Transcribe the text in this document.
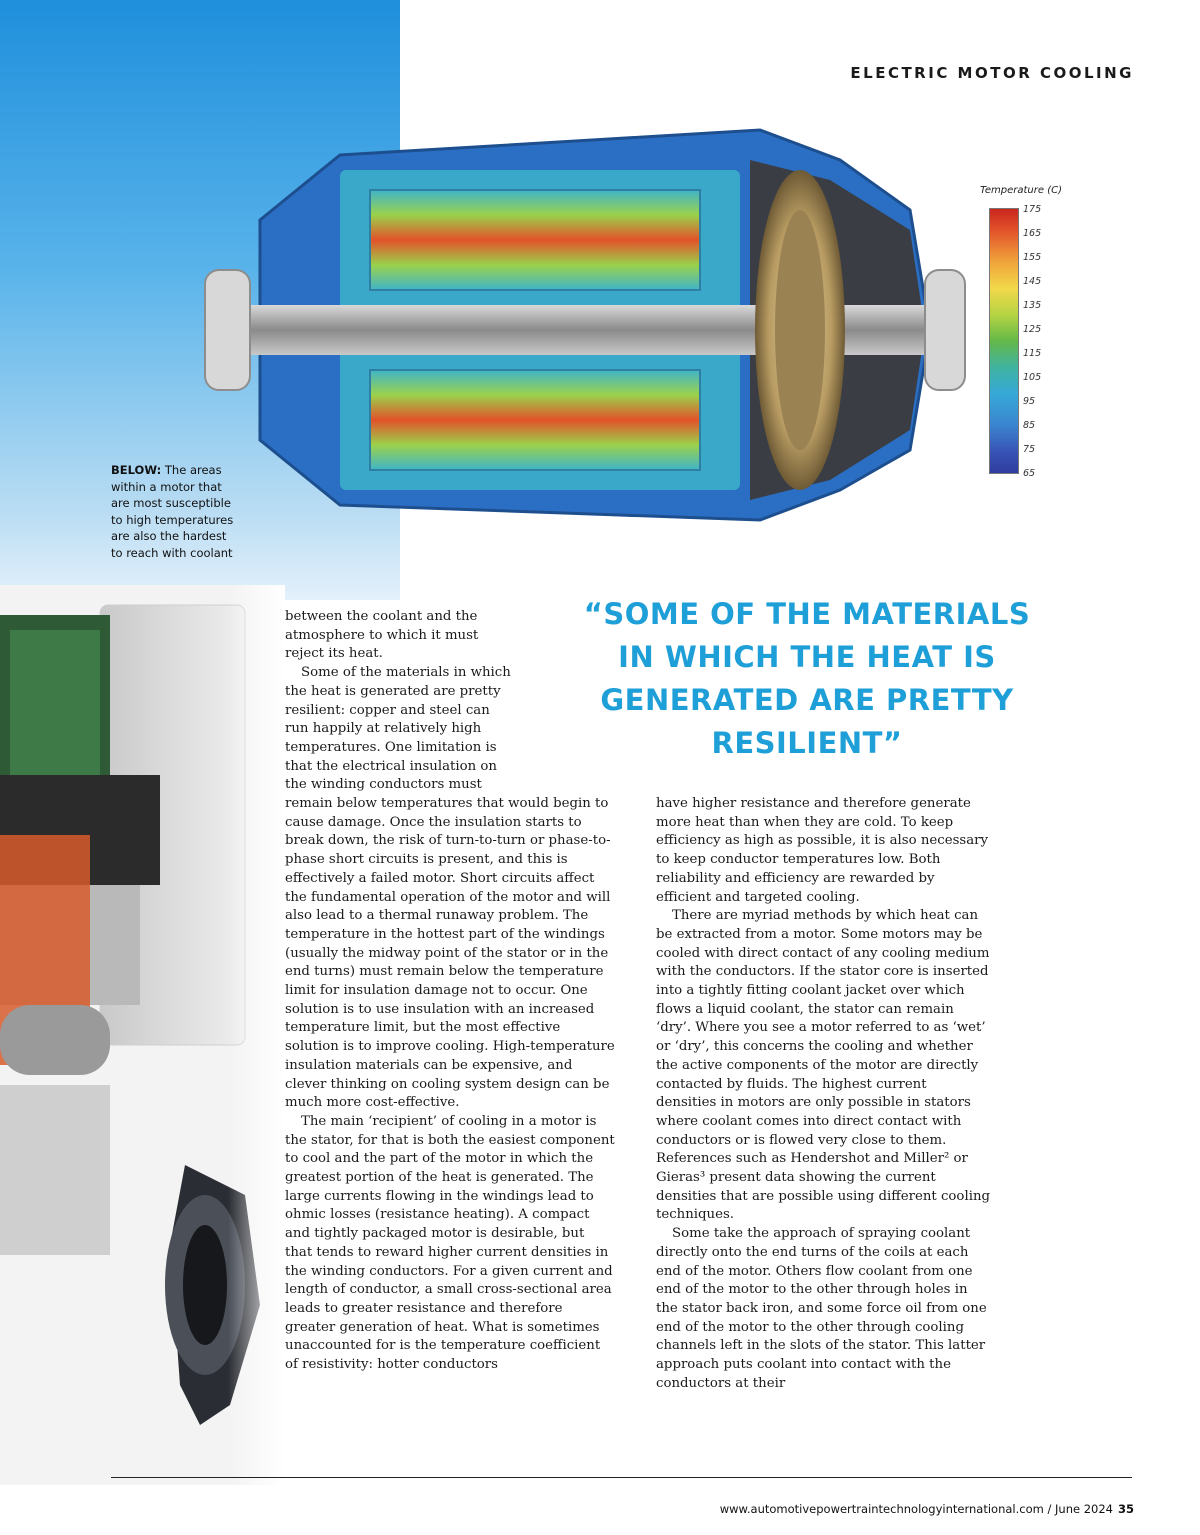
ELECTRIC MOTOR COOLING
Temperature (C)
175
165
155
145
135
125
115
105
95
85
75
65
BELOW: The areas within a motor that are most susceptible to high temperatures are also the hardest to reach with coolant
“SOME OF THE MATERIALS IN WHICH THE HEAT IS GENERATED ARE PRETTY RESILIENT”

between the coolant and the atmosphere to which it must reject its heat.

Some of the materials in which the heat is generated are pretty resilient: copper and steel can run happily at relatively high temperatures. One limitation is that the electrical insulation on the winding conductors must

remain below temperatures that would begin to cause damage. Once the insulation starts to break down, the risk of turn-to-turn or phase-to-phase short circuits is present, and this is effectively a failed motor. Short circuits affect the fundamental operation of the motor and will also lead to a thermal runaway problem. The temperature in the hottest part of the windings (usually the midway point of the stator or in the end turns) must remain below the temperature limit for insulation damage not to occur. One solution is to use insulation with an increased temperature limit, but the most effective solution is to improve cooling. High-temperature insulation materials can be expensive, and clever thinking on cooling system design can be much more cost-effective.

The main ‘recipient’ of cooling in a motor is the stator, for that is both the easiest component to cool and the part of the motor in which the greatest portion of the heat is generated. The large currents flowing in the windings lead to ohmic losses (resistance heating). A compact and tightly packaged motor is desirable, but that tends to reward higher current densities in the winding conductors. For a given current and length of conductor, a small cross-sectional area leads to greater resistance and therefore greater generation of heat. What is sometimes unaccounted for is the temperature coefficient of resistivity: hotter conductors

have higher resistance and therefore generate more heat than when they are cold. To keep efficiency as high as possible, it is also necessary to keep conductor temperatures low. Both reliability and efficiency are rewarded by efficient and targeted cooling.

There are myriad methods by which heat can be extracted from a motor. Some motors may be cooled with direct contact of any cooling medium with the conductors. If the stator core is inserted into a tightly fitting coolant jacket over which flows a liquid coolant, the stator can remain ‘dry’. Where you see a motor referred to as ‘wet’ or ‘dry’, this concerns the cooling and whether the active components of the motor are directly contacted by fluids. The highest current densities in motors are only possible in stators where coolant comes into direct contact with conductors or is flowed very close to them. References such as Hendershot and Miller² or Gieras³ present data showing the current densities that are possible using different cooling techniques.

Some take the approach of spraying coolant directly onto the end turns of the coils at each end of the motor. Others flow coolant from one end of the motor to the other through holes in the stator back iron, and some force oil from one end of the motor to the other through cooling channels left in the slots of the stator. This latter approach puts coolant into contact with the conductors at their

www.automotivepowertraintechnologyinternational.com / June 2024 35
